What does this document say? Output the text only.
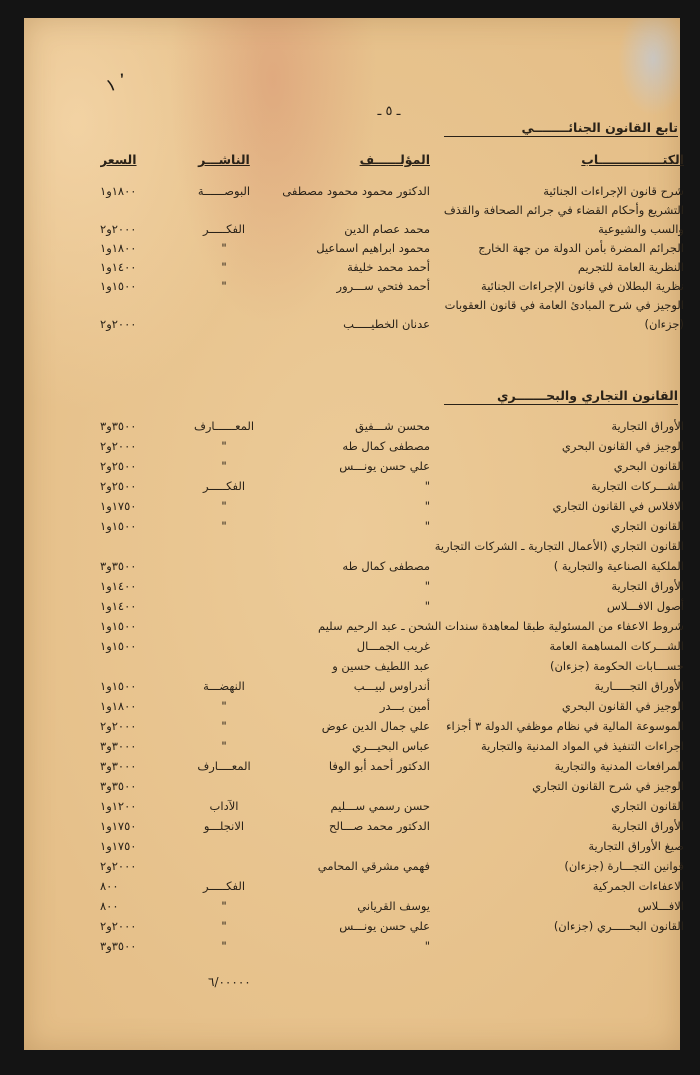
٬ ١
ـ ٥ ـ
تابع القانون الجنائــــــــي
الكتـــــــــــــــاب
المؤلــــــف
الناشـــر
السعر
شرح قانون الإجراءات الجنائية
الدكتور محمود محمود مصطفى
البوصــــــة
١٨٠٠و١
التشريع وأحكام القضاء في جرائم الصحافة والقذف
والسب والشيوعية
محمد عصام الدين
الفكـــــر
٢٠٠٠و٢
الجرائم المضرة بأمن الدولة من جهة الخارج
محمود ابراهيم اسماعيل
"
١٨٠٠و١
النظرية العامة للتجريم
أحمد محمد خليفة
"
١٤٠٠و١
نظرية البطلان في قانون الإجراءات الجنائية
أحمد فتحي ســـرور
"
١٥٠٠و١
الوجيز في شرح المبادئ العامة في قانون العقوبات
(جزءان)
عدنان الخطيـــــب
٢٠٠٠و٢
القانون التجاري والبحـــــــري
الأوراق التجارية
محسن شـــفيق
المعــــــارف
٣٥٠٠و٣
الوجيز في القانون البحري
مصطفى كمال طه
"
٢٠٠٠و٢
القانون البحري
علي حسن يونـــس
"
٢٥٠٠و٢
الشـــركات التجارية
"
الفكـــــر
٢٥٠٠و٢
الافلاس في القانون التجاري
"
"
١٧٥٠و١
القانون التجاري
"
"
١٥٠٠و١
الملكية الصناعية والتجارية )
مصطفى كمال طه
٣٥٠٠و٣
الأوراق التجارية
"
١٤٠٠و١
أصول الافـــلاس
"
١٤٠٠و١
١٥٠٠و١
الشـــركات المساهمة العامة
غريب الجمـــال
١٥٠٠و١
حســـابات الحكومة (جزءان)
عبد اللطيف حسين و
الأوراق التجـــــارية
أندراوس لبيـــب
النهضـــة
١٥٠٠و١
الوجيز في القانون البحري
أمين بـــدر
"
١٨٠٠و١
الموسوعة المالية في نظام موظفي الدولة ٣ أجزاء
علي جمال الدين عوض
"
٢٠٠٠و٢
اجراءات التنفيذ في المواد المدنية والتجارية
عباس البحيـــري
"
٣٠٠٠و٣
المرافعات المدنية والتجارية
الدكتور أحمد أبو الوفا
المعــــارف
٣٠٠٠و٣
الوجيز في شرح القانون التجاري
٣٥٠٠و٣
القانون التجاري
حسن رسمي ســـليم
الآداب
١٢٠٠و١
الأوراق التجارية
الدكتور محمد صـــالح
الانجلـــو
١٧٥٠و١
صيغ الأوراق التجارية
١٧٥٠و١
قوانين التجـــارة (جزءان)
فهمي مشرقي المحامي
٢٠٠٠و٢
الاعفاءات الجمركية
الفكـــــر
٨٠٠
الافـــلاس
يوسف القرياني
"
٨٠٠
القانون البحـــــري (جزءان)
علي حسن يونـــس
"
٢٠٠٠و٢
"
"
٣٥٠٠و٣
القانون التجاري (الأعمال التجارية ـ الشركات التجارية
شروط الاعفاء من المسئولية طبقا لمعاهدة سندات الشحن ـ عبد الرحيم سليم
٦/٠٠٠٠٠
